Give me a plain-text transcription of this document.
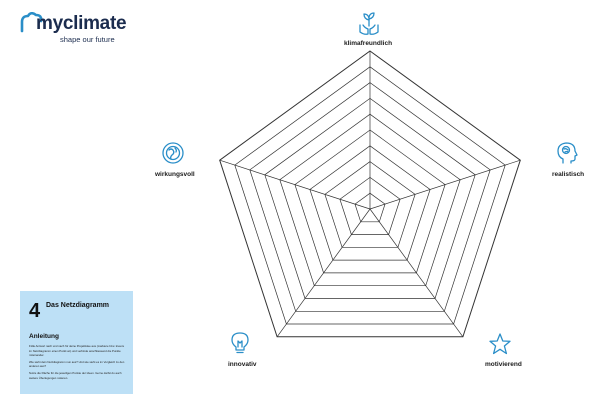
myclimate
shape our future	klimafreundlich
realistisch
motivierend
innovativ
wirkungsvoll
4 Das Netzdiagramm
Anleitung

Fülle Antwort nach und nach für deine Projektidee aus (markiere bzw. kreuze im Netzdiagramm einen Punkt an) und verbinde anschliessend die Punkte miteinander.

Wie sieht dein Netzdiagramm nun aus? Und wie sieht es im Vergleich zu den anderen aus?

Nutze die Fläche für die jeweiligen Punkte der Ideen. Gerne darfst du auch weitere Überlegungen notieren.
